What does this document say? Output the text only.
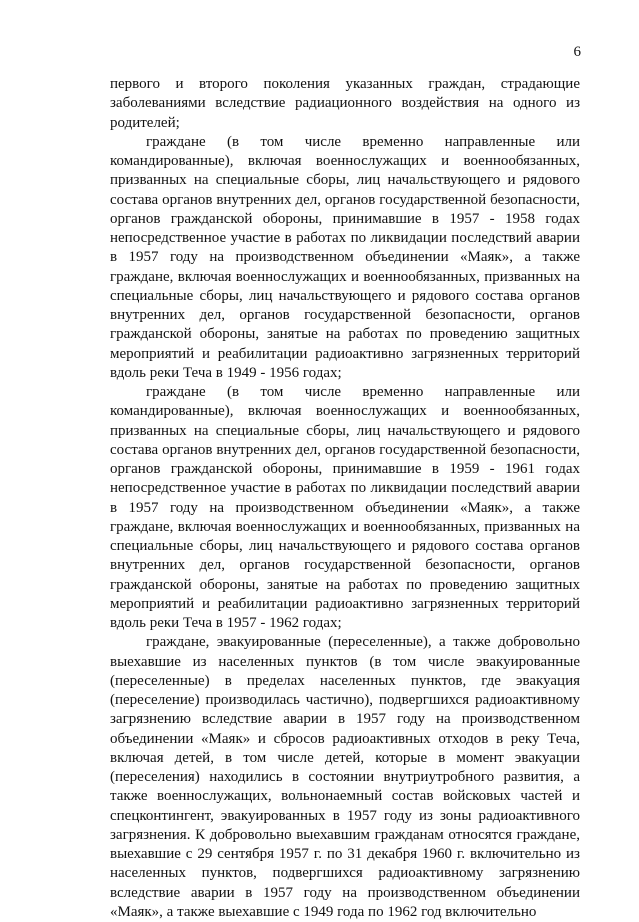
6

первого и второго поколения указанных граждан, страдающие заболеваниями вследствие радиационного воздействия на одного из родителей;

граждане (в том числе временно направленные или командированные), включая военнослужащих и военнообязанных, призванных на специальные сборы, лиц начальствующего и рядового состава органов внутренних дел, органов государственной безопасности, органов гражданской обороны, принимавшие в 1957 - 1958 годах непосредственное участие в работах по ликвидации последствий аварии в 1957 году на производственном объединении «Маяк», а также граждане, включая военнослужащих и военнообязанных, призванных на специальные сборы, лиц начальствующего и рядового состава органов внутренних дел, органов государственной безопасности, органов гражданской обороны, занятые на работах по проведению защитных мероприятий и реабилитации радиоактивно загрязненных территорий вдоль реки Теча в 1949 - 1956 годах;

граждане (в том числе временно направленные или командированные), включая военнослужащих и военнообязанных, призванных на специальные сборы, лиц начальствующего и рядового состава органов внутренних дел, органов государственной безопасности, органов гражданской обороны, принимавшие в 1959 - 1961 годах непосредственное участие в работах по ликвидации последствий аварии в 1957 году на производственном объединении «Маяк», а также граждане, включая военнослужащих и военнообязанных, призванных на специальные сборы, лиц начальствующего и рядового состава органов внутренних дел, органов государственной безопасности, органов гражданской обороны, занятые на работах по проведению защитных мероприятий и реабилитации радиоактивно загрязненных территорий вдоль реки Теча в 1957 - 1962 годах;

граждане, эвакуированные (переселенные), а также добровольно выехавшие из населенных пунктов (в том числе эвакуированные (переселенные) в пределах населенных пунктов, где эвакуация (переселение) производилась частично), подвергшихся радиоактивному загрязнению вследствие аварии в 1957 году на производственном объединении «Маяк» и сбросов радиоактивных отходов в реку Теча, включая детей, в том числе детей, которые в момент эвакуации (переселения) находились в состоянии внутриутробного развития, а также военнослужащих, вольнонаемный состав войсковых частей и спецконтингент, эвакуированных в 1957 году из зоны радиоактивного загрязнения. К добровольно выехавшим гражданам относятся граждане, выехавшие с 29 сентября 1957 г. по 31 декабря 1960 г. включительно из населенных пунктов, подвергшихся радиоактивному загрязнению вследствие аварии в 1957 году на производственном объединении «Маяк», а также выехавшие с 1949 года по 1962 год включительно
